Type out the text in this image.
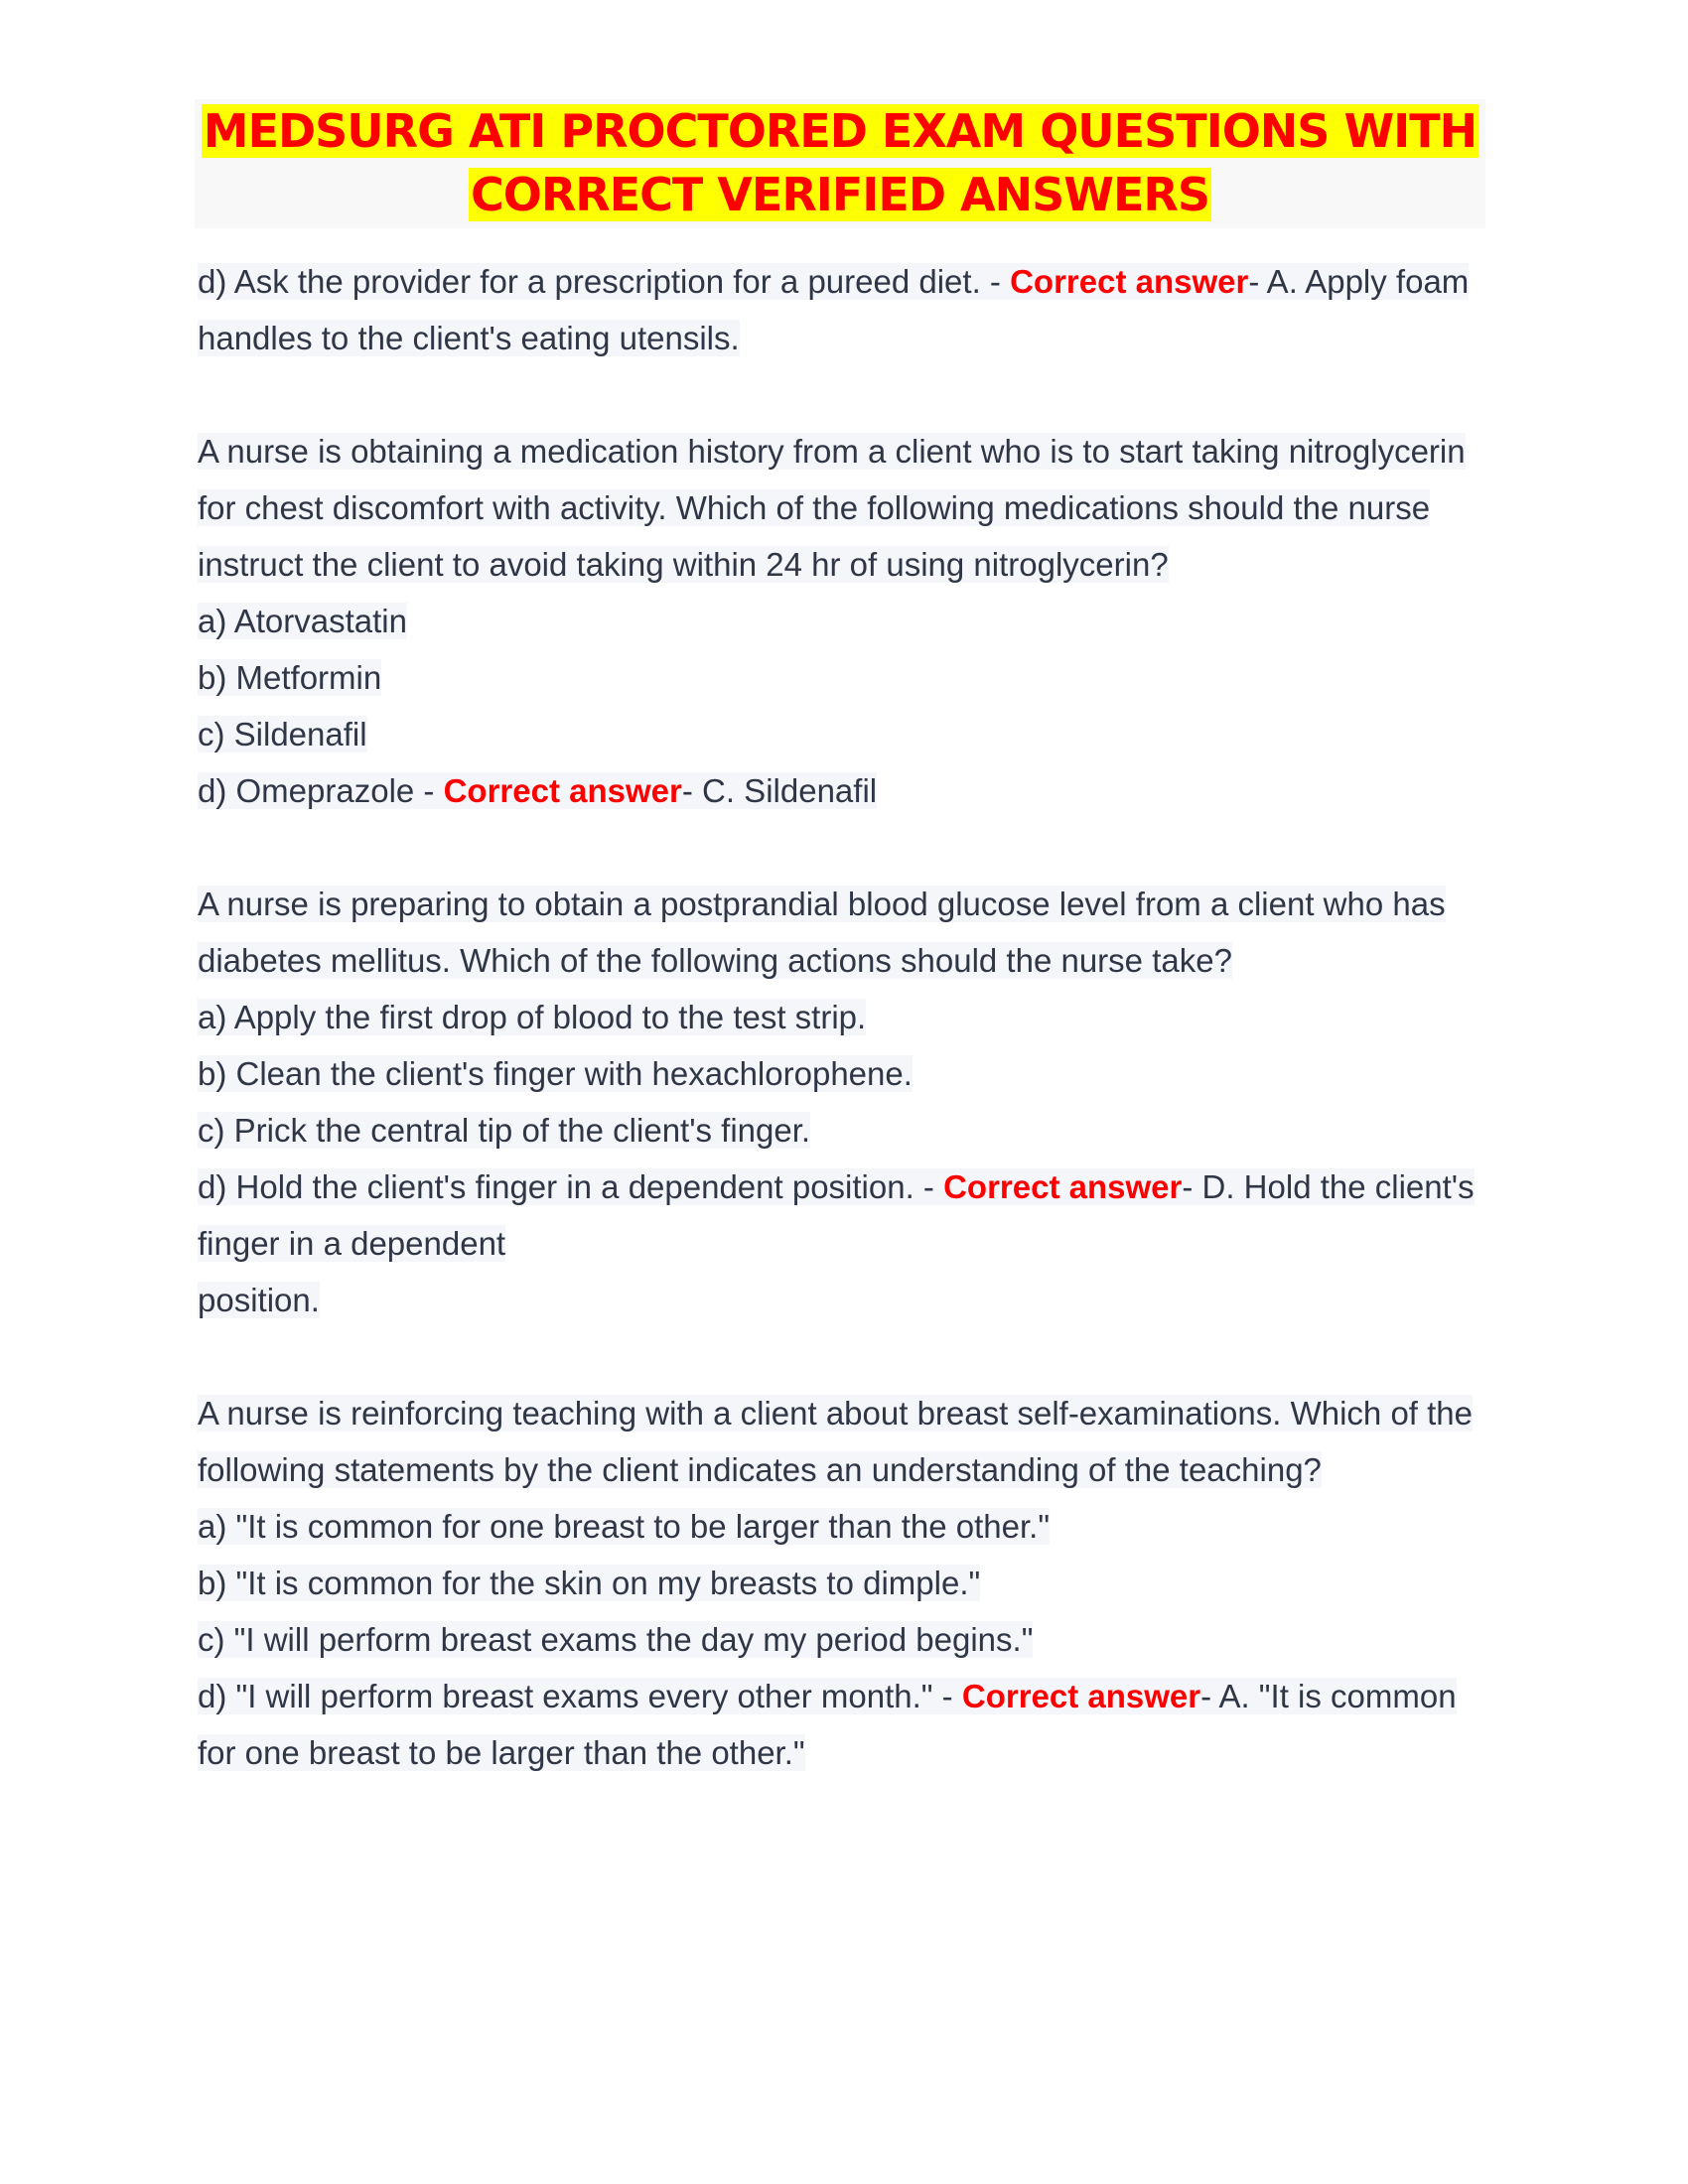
MEDSURG ATI PROCTORED EXAM QUESTIONS WITH
CORRECT VERIFIED ANSWERS
d) Ask the provider for a prescription for a pureed diet. - Correct answer- A. Apply foam
handles to the client's eating utensils.
A nurse is obtaining a medication history from a client who is to start taking nitroglycerin
for chest discomfort with activity. Which of the following medications should the nurse
instruct the client to avoid taking within 24 hr of using nitroglycerin?
a) Atorvastatin
b) Metformin
c) Sildenafil
d) Omeprazole - Correct answer- C. Sildenafil
A nurse is preparing to obtain a postprandial blood glucose level from a client who has
diabetes mellitus. Which of the following actions should the nurse take?
a) Apply the first drop of blood to the test strip.
b) Clean the client's finger with hexachlorophene.
c) Prick the central tip of the client's finger.
d) Hold the client's finger in a dependent position. - Correct answer- D. Hold the client's
finger in a dependent
position.
A nurse is reinforcing teaching with a client about breast self-examinations. Which of the
following statements by the client indicates an understanding of the teaching?
a) "It is common for one breast to be larger than the other."
b) "It is common for the skin on my breasts to dimple."
c) "I will perform breast exams the day my period begins."
d) "I will perform breast exams every other month." - Correct answer- A. "It is common
for one breast to be larger than the other."
